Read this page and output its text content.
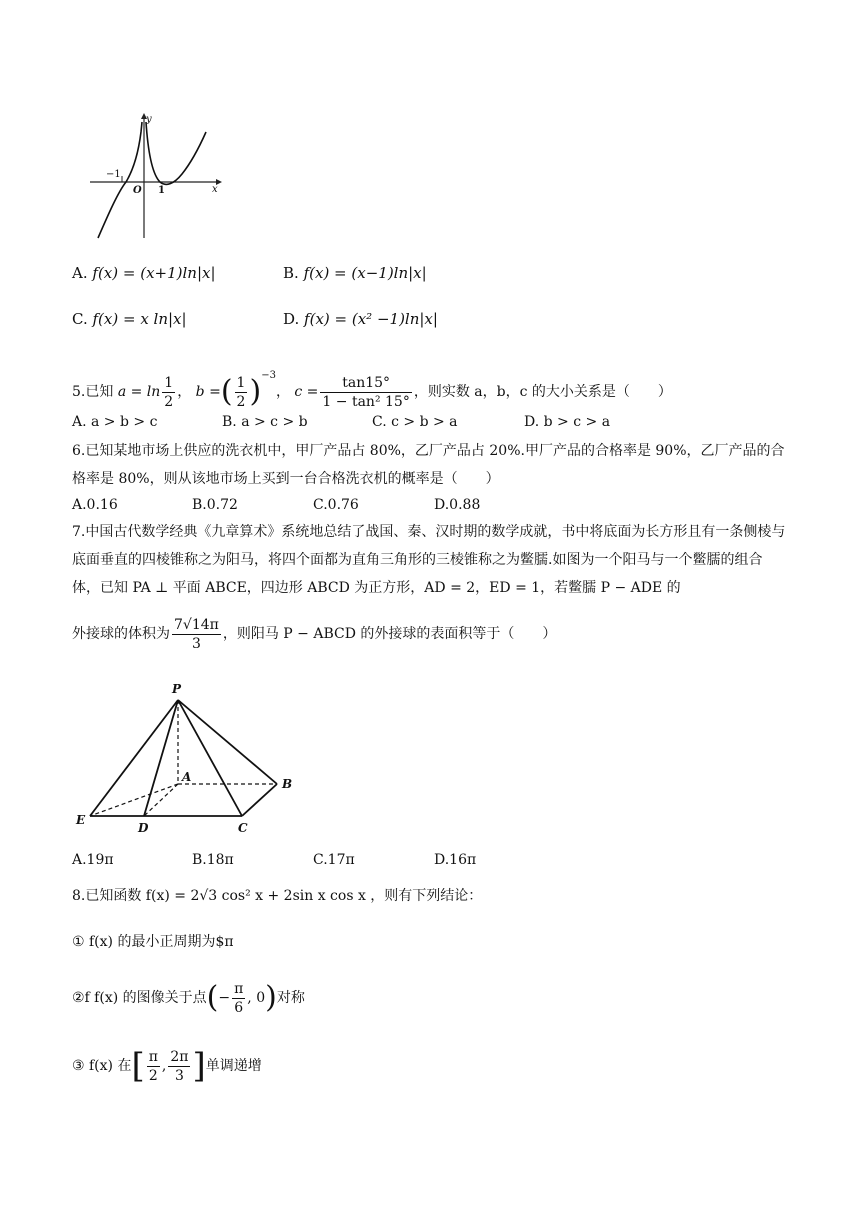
y
−1
O 1	x
A. f(x) = (x+1)ln|x|	B. f(x) = (x−1)ln|x|
C. f(x) = x ln|x|	D. f(x) = (x² −1)ln|x|
5.已知 $a = \ln \frac{1}{2}$ ， b =( $\frac{1}{2} )^{-3}$， $c = \frac{\tan 15^\circ}{\text{1 − tan² 15°}}$ ，则实数 a，b，c 的大小关系是（　　）
A. a > b > c	B. a > c > b	C. c > b > a	D. b > c > a
6.已知某地市场上供应的洗衣机中，甲厂产品占 80%，乙厂产品占 20%.甲厂产品的合格率是 90%，乙厂产品的合格率是 80%，则从该地市场上买到一台合格洗衣机的概率是（　　）
A.0.16	B.0.72	C.0.76	D.0.88
7.中国古代数学经典《九章算术》系统地总结了战国、秦、汉时期的数学成就，书中将底面为长方形且有一条侧棱与底面垂直的四棱锥称之为阳马，将四个面都为直角三角形的三棱锥称之为鳖臑.如图为一个阳马与一个鳖臑的组合体，已知 PA ⊥ 平面 ABCE，四边形 ABCD 为正方形，AD = 2，ED = 1，若鳖臑 P − ADE 的
外接球的体积为 $\frac{7√14\pi}{3}$ ，则阳马 P − ABCD 的外接球的表面积等于（　　）
P
A	B
C
D
E
A.19π	B.18π	C.17π	D.16π
8.已知函数 f(x) = 2√3 cos² x + 2sin x cos x ，则有下列结论：
① f(x) 的最小正周期为$π
②f f(x) 的图像关于点(− $\frac{\pi}{6}$ , 0)对称
③ f(x) 在[ $\frac{\pi}{2}$ , $\frac{2\pi}{3}$ ]单调递增
